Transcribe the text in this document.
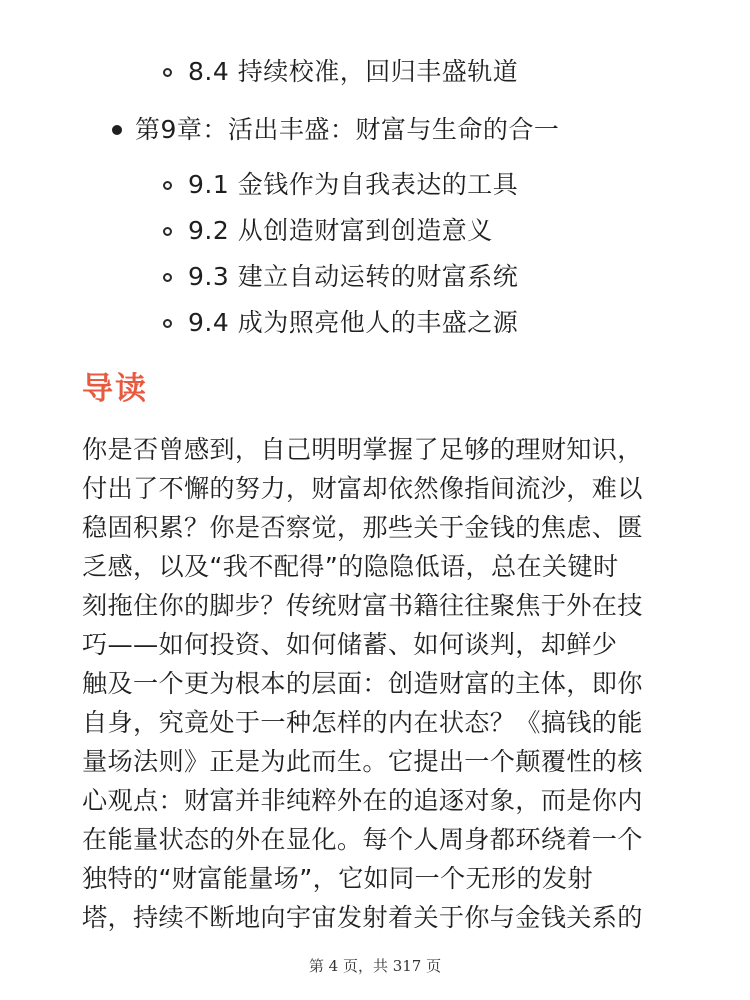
8.4 持续校准，回归丰盛轨道
第9章：活出丰盛：财富与生命的合一
9.1 金钱作为自我表达的工具
9.2 从创造财富到创造意义
9.3 建立自动运转的财富系统
9.4 成为照亮他人的丰盛之源
导读
你是否曾感到，自己明明掌握了足够的理财知识，
付出了不懈的努力，财富却依然像指间流沙，难以
稳固积累？你是否察觉，那些关于金钱的焦虑、匮
乏感，以及“我不配得”的隐隐低语，总在关键时
刻拖住你的脚步？传统财富书籍往往聚焦于外在技
巧——如何投资、如何储蓄、如何谈判，却鲜少
触及一个更为根本的层面：创造财富的主体，即你
自身，究竟处于一种怎样的内在状态？《搞钱的能
量场法则》正是为此而生。它提出一个颠覆性的核
心观点：财富并非纯粹外在的追逐对象，而是你内
在能量状态的外在显化。每个人周身都环绕着一个
独特的“财富能量场”，它如同一个无形的发射
塔，持续不断地向宇宙发射着关于你与金钱关系的
第 4 页，共 317 页
